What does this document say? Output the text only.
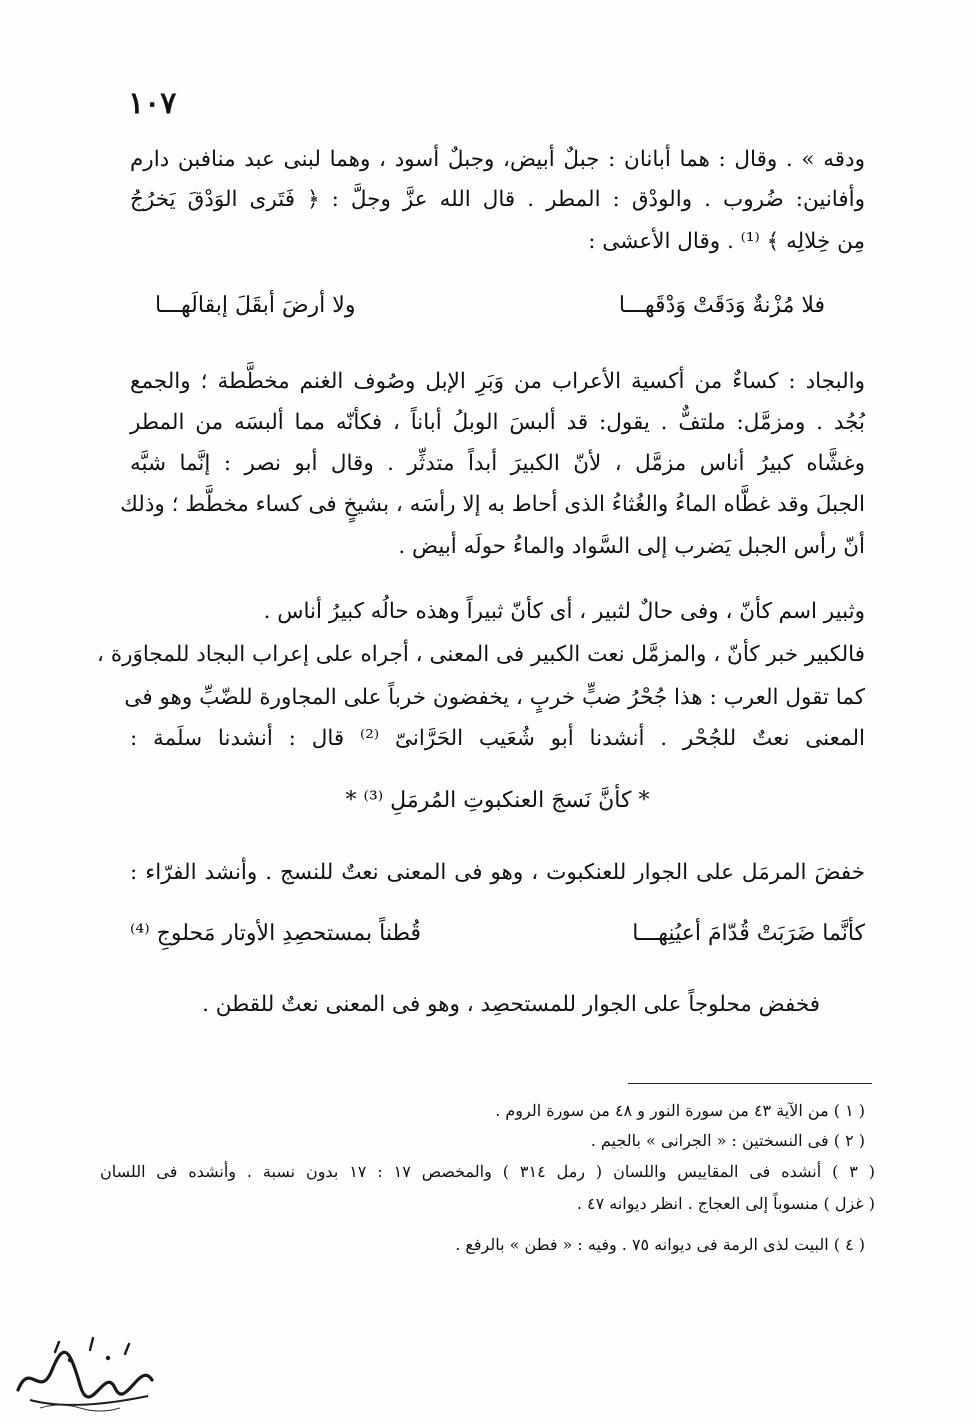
١٠٧
ودقه » . وقال : هما أبانان : جبلٌ أبيض، وجبلٌ أسود ، وهما لبنى عبد منافبن دارم
وأفانين: ضُروب . والودْق : المطر . قال الله عزَّ وجلَّ : ﴿ فَتَرى الوَدْقَ يَخرُجُ
مِن خِلالِه ﴾ ⁽¹⁾ . وقال الأعشى :
فلا مُزْنةٌ وَدَقَتْ وَدْقَهـــا
ولا أرضَ أبقَلَ إبقالَهـــا
والبجاد : كساءٌ من أكسية الأعراب من وَبَرِ الإبل وصُوف الغنم مخطَّطة ؛ والجمع
بُجُد . ومزمَّل: ملتفٌّ . يقول: قد ألبسَ الوبلُ أباناً ، فكأنّه مما ألبسَه من المطر
وغشَّاه كبيرُ أناس مزمَّل ، لأنّ الكبيرَ أبداً متدثِّر . وقال أبو نصر : إنَّما شبَّه
الجبلَ وقد غطَّاه الماءُ والغُثاءُ الذى أحاط به إلا رأسَه ، بشيخٍ فى كساء مخطَّط ؛ وذلك
أنّ رأس الجبل يَضرب إلى السَّواد والماءُ حولَه أبيض .
وثبير اسم كأنّ ، وفى حالٌ لثبير ، أى كأنّ ثبيراً وهذه حالُه كبيرُ أناس .
فالكبير خبر كأنّ ، والمزمَّل نعت الكبير فى المعنى ، أجراه على إعراب البجاد للمجاوَرة ،
كما تقول العرب : هذا جُحْرُ ضبٍّ خربٍ ، يخفضون خرباً على المجاورة للضّبِّ وهو فى
المعنى نعتٌ للجُحْر . أنشدنا أبو شُعَيب الحَرَّانىّ ⁽²⁾ قال : أنشدنا سلَمة :
* كأنَّ نَسجَ العنكبوتِ المُرمَلِ ⁽³⁾ *
خفضَ المرمَل على الجوار للعنكبوت ، وهو فى المعنى نعتٌ للنسج . وأنشد الفرّاء :
كأنَّما ضَرَبَتْ قُدّامَ أعيُنِهـــا
قُطناً بمستحصِدِ الأوتار مَحلوجِ ⁽⁴⁾
فخفض محلوجاً على الجوار للمستحصِد ، وهو فى المعنى نعتٌ للقطن .
( ١ ) من الآية ٤٣ من سورة النور و ٤٨ من سورة الروم .
( ٢ ) فى النسختين : « الجرانى » بالجيم .
( ٣ ) أنشده فى المقاييس واللسان ( رمل ٣١٤ ) والمخصص ١٧ : ١٧ بدون نسبة . وأنشده فى اللسان
( غزل ) منسوباً إلى العجاج . انظر ديوانه ٤٧ .
( ٤ ) البيت لذى الرمة فى ديوانه ٧٥ . وفيه : « فطن » بالرفع .
